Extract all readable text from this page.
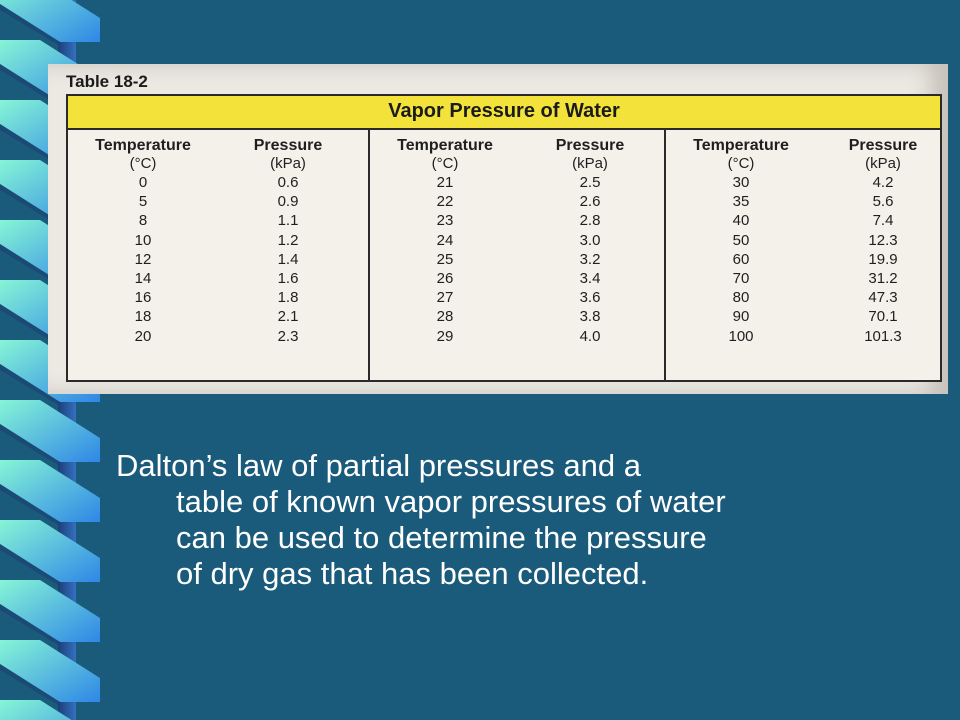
Table 18-2
Vapor Pressure of Water
Temperature
(°C)
0
5
8
10
12
14
16
18
20
Pressure
(kPa)
0.6
0.9
1.1
1.2
1.4
1.6
1.8
2.1
2.3
Temperature
(°C)
21
22
23
24
25
26
27
28
29
Pressure
(kPa)
2.5
2.6
2.8
3.0
3.2
3.4
3.6
3.8
4.0
Temperature
(°C)
30
35
40
50
60
70
80
90
100
Pressure
(kPa)
4.2
5.6
7.4
12.3
19.9
31.2
47.3
70.1
101.3
Dalton’s law of partial pressures and a
table of known vapor pressures of water
can be used to determine the pressure
of dry gas that has been collected.
